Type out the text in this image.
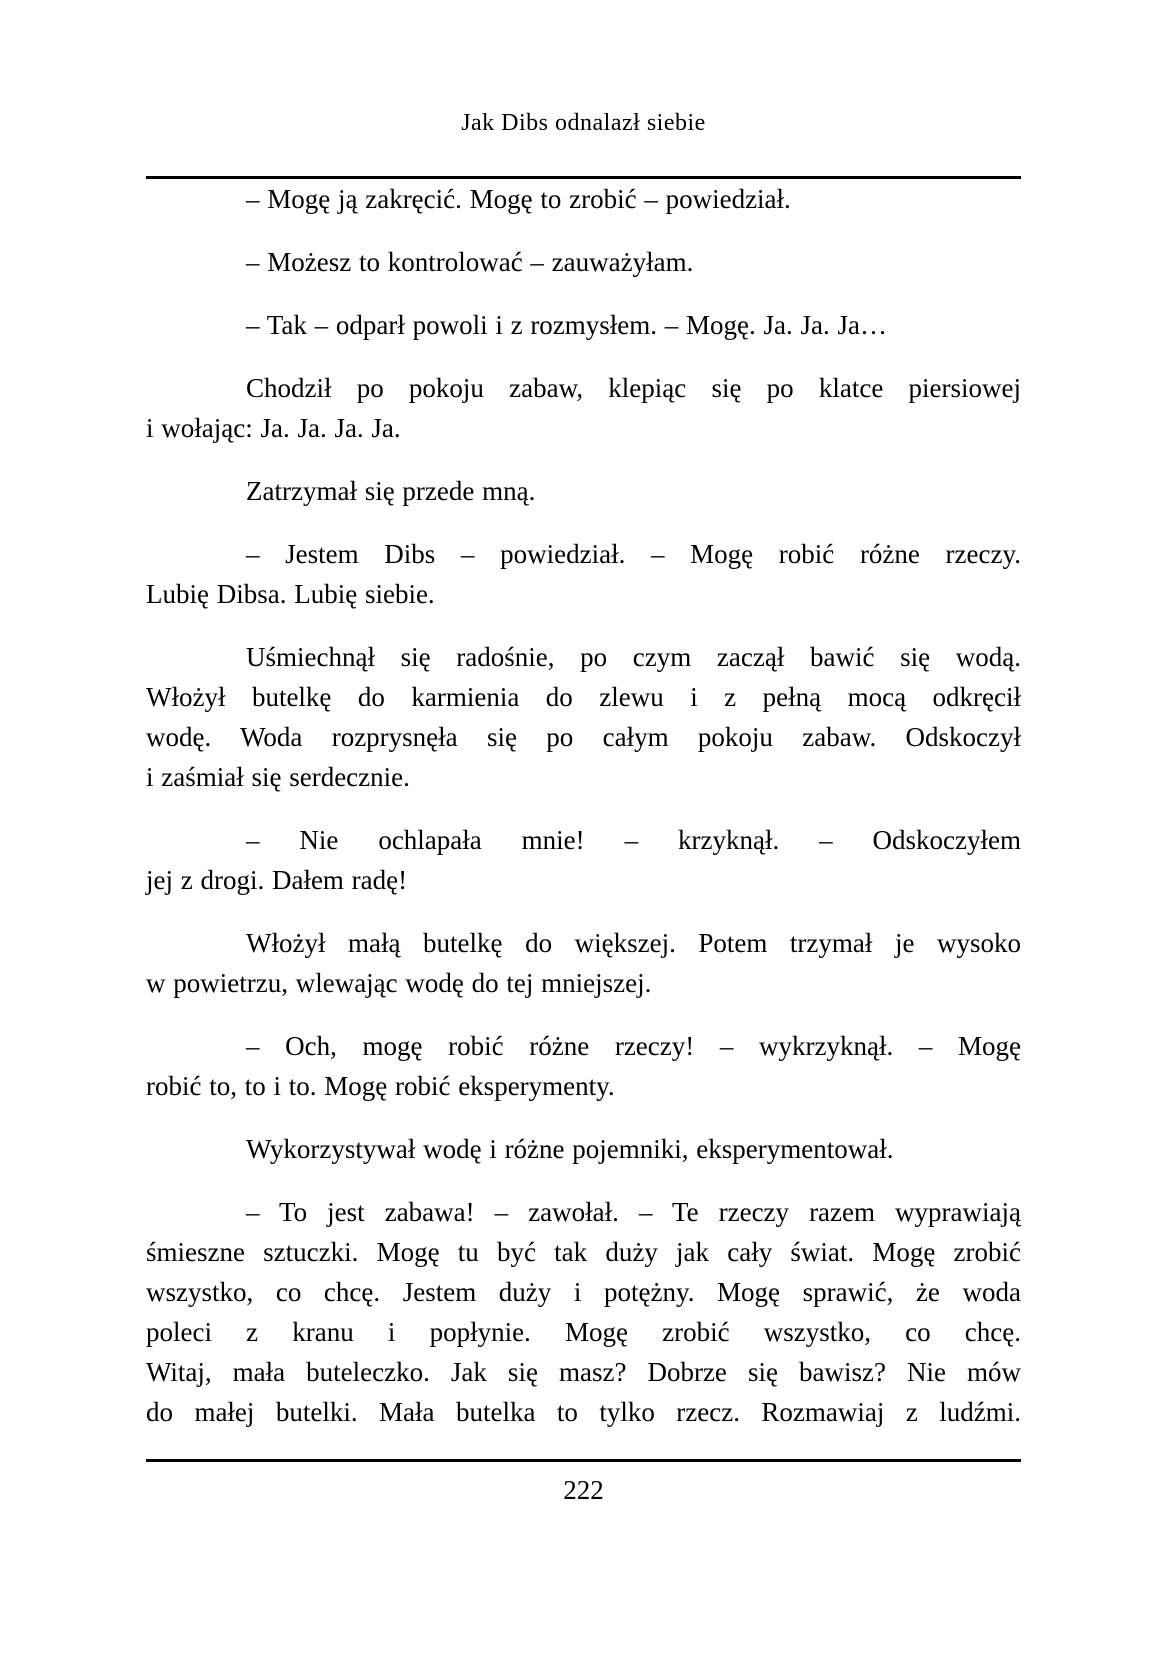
Jak Dibs odnalazł siebie
– Mogę ją zakręcić. Mogę to zrobić – powiedział.
– Możesz to kontrolować – zauważyłam.
– Tak – odparł powoli i z rozmysłem. – Mogę. Ja. Ja. Ja…
Chodził po pokoju zabaw, klepiąc się po klatce piersiowej
i wołając: Ja. Ja. Ja. Ja.
Zatrzymał się przede mną.
– Jestem Dibs – powiedział. – Mogę robić różne rzeczy.
Lubię Dibsa. Lubię siebie.
Uśmiechnął się radośnie, po czym zaczął bawić się wodą.
Włożył butelkę do karmienia do zlewu i z pełną mocą odkręcił
wodę. Woda rozprysnęła się po całym pokoju zabaw. Odskoczył
i zaśmiał się serdecznie.
– Nie ochlapała mnie! – krzyknął. – Odskoczyłem
jej z drogi. Dałem radę!
Włożył małą butelkę do większej. Potem trzymał je wysoko
w powietrzu, wlewając wodę do tej mniejszej.
– Och, mogę robić różne rzeczy! – wykrzyknął. – Mogę
robić to, to i to. Mogę robić eksperymenty.
Wykorzystywał wodę i różne pojemniki, eksperymentował.
– To jest zabawa! – zawołał. – Te rzeczy razem wyprawiają
śmieszne sztuczki. Mogę tu być tak duży jak cały świat. Mogę zrobić
wszystko, co chcę. Jestem duży i potężny. Mogę sprawić, że woda
poleci z kranu i popłynie. Mogę zrobić wszystko, co chcę.
Witaj, mała buteleczko. Jak się masz? Dobrze się bawisz? Nie mów
do małej butelki. Mała butelka to tylko rzecz. Rozmawiaj z ludźmi.
222
